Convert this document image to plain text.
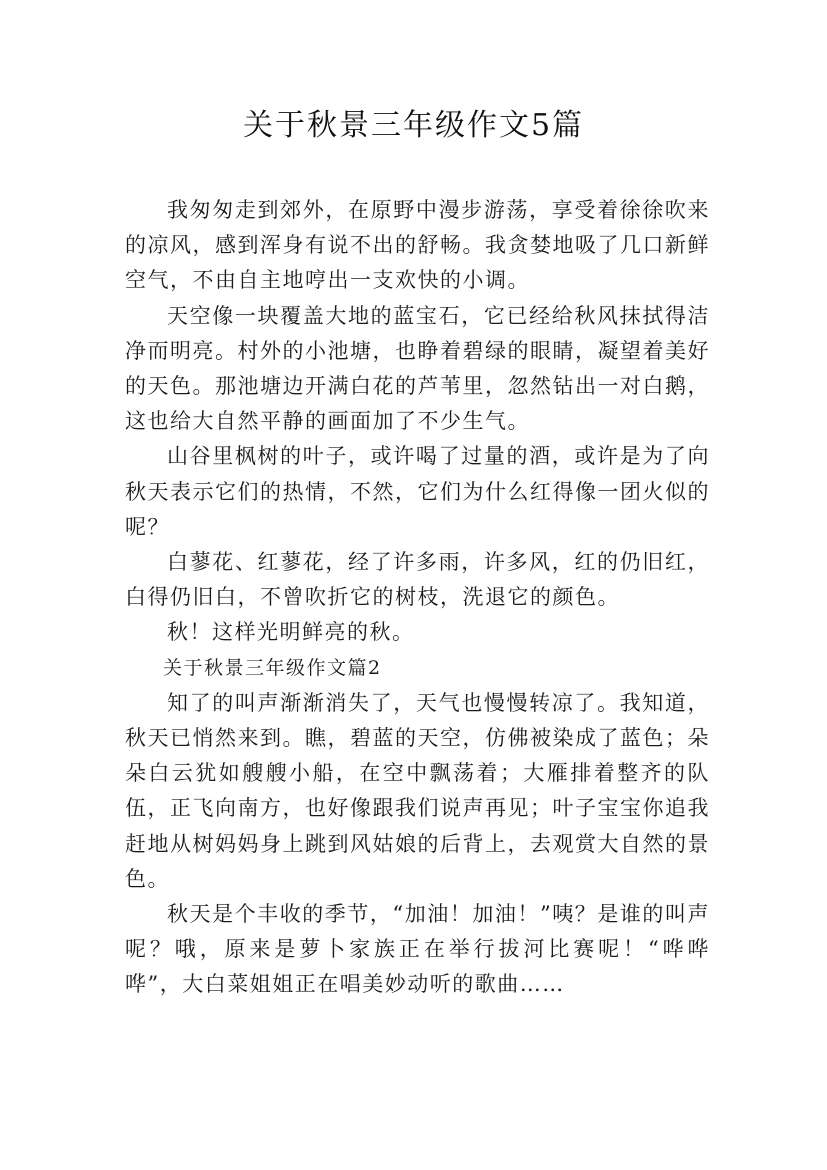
关于秋景三年级作文5篇

我匆匆走到郊外，在原野中漫步游荡，享受着徐徐吹来的凉风，感到浑身有说不出的舒畅。我贪婪地吸了几口新鲜空气，不由自主地哼出一支欢快的小调。

天空像一块覆盖大地的蓝宝石，它已经给秋风抹拭得洁净而明亮。村外的小池塘，也睁着碧绿的眼睛，凝望着美好的天色。那池塘边开满白花的芦苇里，忽然钻出一对白鹅，这也给大自然平静的画面加了不少生气。

山谷里枫树的叶子，或许喝了过量的酒，或许是为了向秋天表示它们的热情，不然，它们为什么红得像一团火似的呢？

白蓼花、红蓼花，经了许多雨，许多风，红的仍旧红，白得仍旧白，不曾吹折它的树枝，洗退它的颜色。

秋！这样光明鲜亮的秋。

关于秋景三年级作文篇2

知了的叫声渐渐消失了，天气也慢慢转凉了。我知道，秋天已悄然来到。瞧，碧蓝的天空，仿佛被染成了蓝色；朵朵白云犹如艘艘小船，在空中飘荡着；大雁排着整齐的队伍，正飞向南方，也好像跟我们说声再见；叶子宝宝你追我赶地从树妈妈身上跳到风姑娘的后背上，去观赏大自然的景色。

秋天是个丰收的季节，“加油！加油！”咦？是谁的叫声呢？哦，原来是萝卜家族正在举行拔河比赛呢！“哗哗哗”，大白菜姐姐正在唱美妙动听的歌曲……
